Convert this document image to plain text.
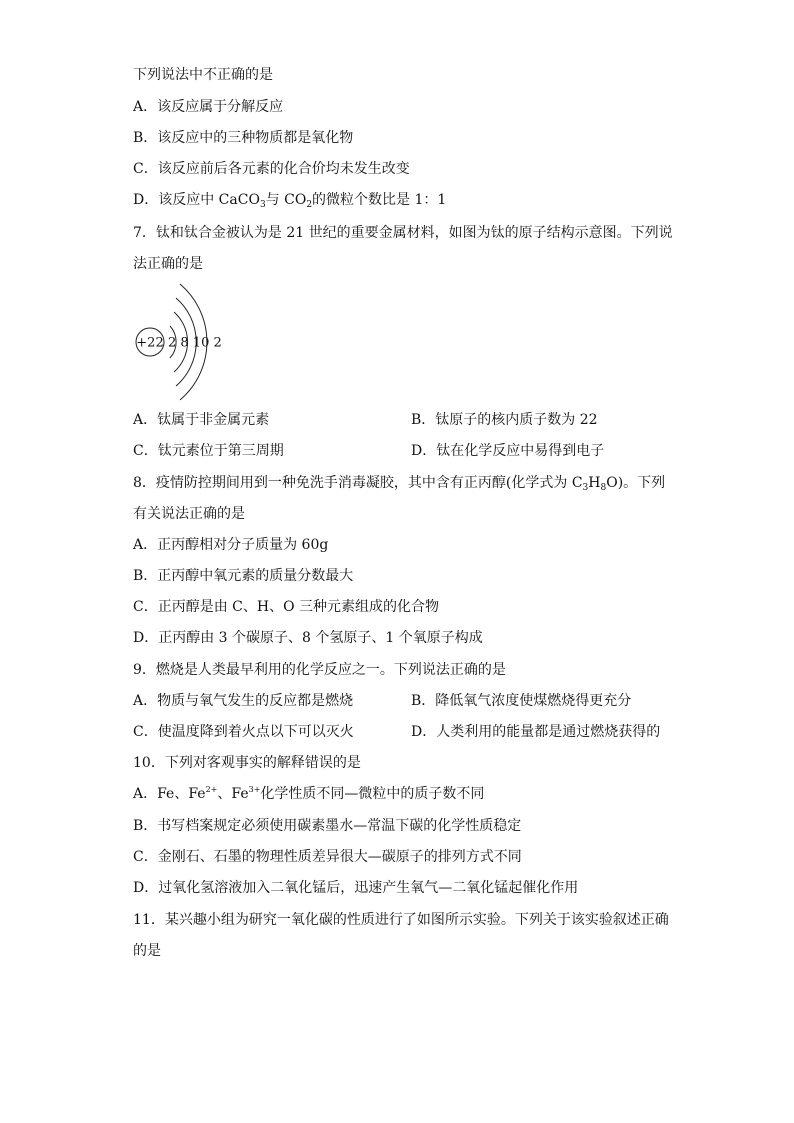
下列说法中不正确的是
A．该反应属于分解反应
B．该反应中的三种物质都是氧化物
C．该反应前后各元素的化合价均未发生改变
D．该反应中 CaCO$_3$与 $CO_2$的微粒个数比是 1：1
7．钛和钛合金被认为是 21 世纪的重要金属材料，如图为钛的原子结构示意图。下列说
法正确的是
+22 2 8 10 2
A．钛属于非金属元素	B．钛原子的核内质子数为 22
C．钛元素位于第三周期	D．钛在化学反应中易得到电子
8．疫情防控期间用到一种免洗手消毒凝胶，其中含有正丙醇(化学式为 $C_3H_8O$)。下列
有关说法正确的是
A．正丙醇相对分子质量为 60g
B．正丙醇中氧元素的质量分数最大
C．正丙醇是由 C、H、O 三种元素组成的化合物
D．正丙醇由 3 个碳原子、8 个氢原子、1 个氧原子构成
9．燃烧是人类最早利用的化学反应之一。下列说法正确的是
A．物质与氧气发生的反应都是燃烧	B．降低氧气浓度使煤燃烧得更充分
C．使温度降到着火点以下可以灭火	D．人类利用的能量都是通过燃烧获得的
10．下列对客观事实的解释错误的是
A．Fe、$Fe^{2+}$、$Fe^{3+}$化学性质不同—微粒中的质子数不同
B．书写档案规定必须使用碳素墨水—常温下碳的化学性质稳定
C．金刚石、石墨的物理性质差异很大—碳原子的排列方式不同
D．过氧化氢溶液加入二氧化锰后，迅速产生氧气—二氧化锰起催化作用
11．某兴趣小组为研究一氧化碳的性质进行了如图所示实验。下列关于该实验叙述正确
的是
